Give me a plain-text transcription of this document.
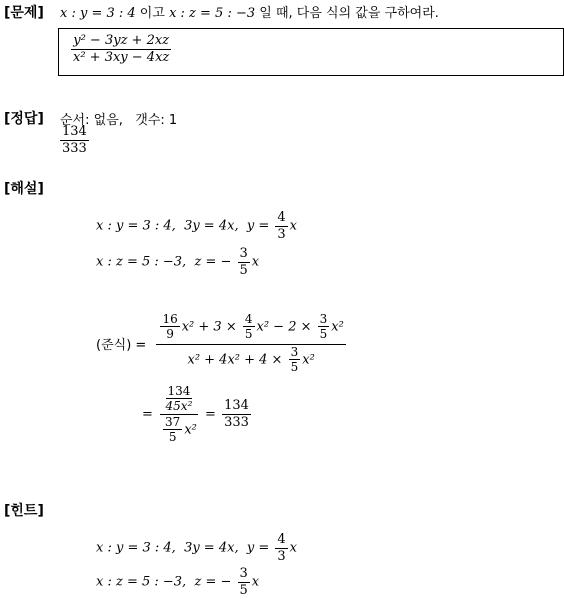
[문제] x : y = 3 : 4 이고 x : z = 5 : −3 일 때, 다음 식의 값을 구하여라.
$\frac{\text{y² − 3yz + 2xz}}{\text{x² + 3xy − 4xz}}$
[정답] 순서: 없음, 갯수: 1
$\frac{134}{333}$
[해설]
x : y = 3 : 4, 3y = 4x, $y = \frac{4}{3}$ x
x : z = 5 : −3, z = − $\frac{3}{5}$ x
(준식) = $\frac{\frac{16}{9} x^2 + 3 \times \frac{4}{5} x^2 - 2 \times \frac{3}{5} x^2}{x^2 + 4x^2 + 4 \times \frac{3}{5} x^2}$
= $\frac{\frac{134}{\text{45x²}}}{\frac{37}{5} x^2} = \frac{134}{333}$
[힌트]
x : y = 3 : 4, 3y = 4x, $y = \frac{4}{3}$ x
x : z = 5 : −3, z = − $\frac{3}{5}$ x
